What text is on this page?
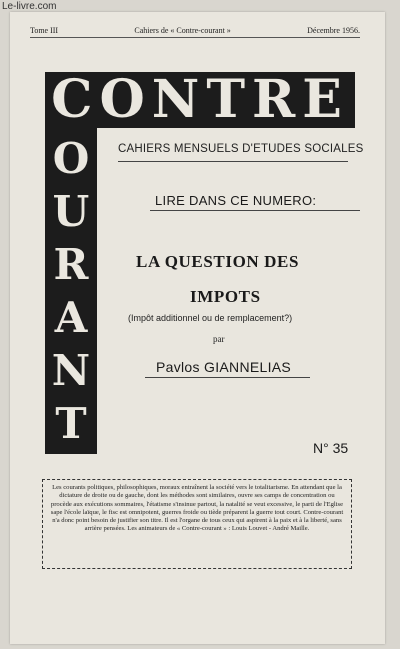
Le-livre.com
Tome III	Cahiers de « Contre-courant »	Décembre 1956.
CONTRE
O
U
R
A
N
T
CAHIERS MENSUELS D'ETUDES SOCIALES
LIRE DANS CE NUMERO:
LA QUESTION DES
IMPOTS
(Impôt additionnel ou de remplacement?)
par
Pavlos GIANNELIAS
N° 35
Les courants politiques, philosophiques, moraux entraînent la société vers le totalitarisme. En attendant que la dictature de droite ou de gauche, dont les méthodes sont similaires, ouvre ses camps de concentration ou procède aux exécutions sommaires, l'étatisme s'insinue partout, la natalité se veut excessive, le parti de l'Eglise sape l'école laïque, le fisc est omnipotent, guerres froide ou tiède préparent la guerre tout court. Contre-courant n'a donc point besoin de justifier son titre. Il est l'organe de tous ceux qui aspirent à la paix et à la liberté, sans arrière pensées. Les animateurs de « Contre-courant » : Louis Louvet - André Maille.
